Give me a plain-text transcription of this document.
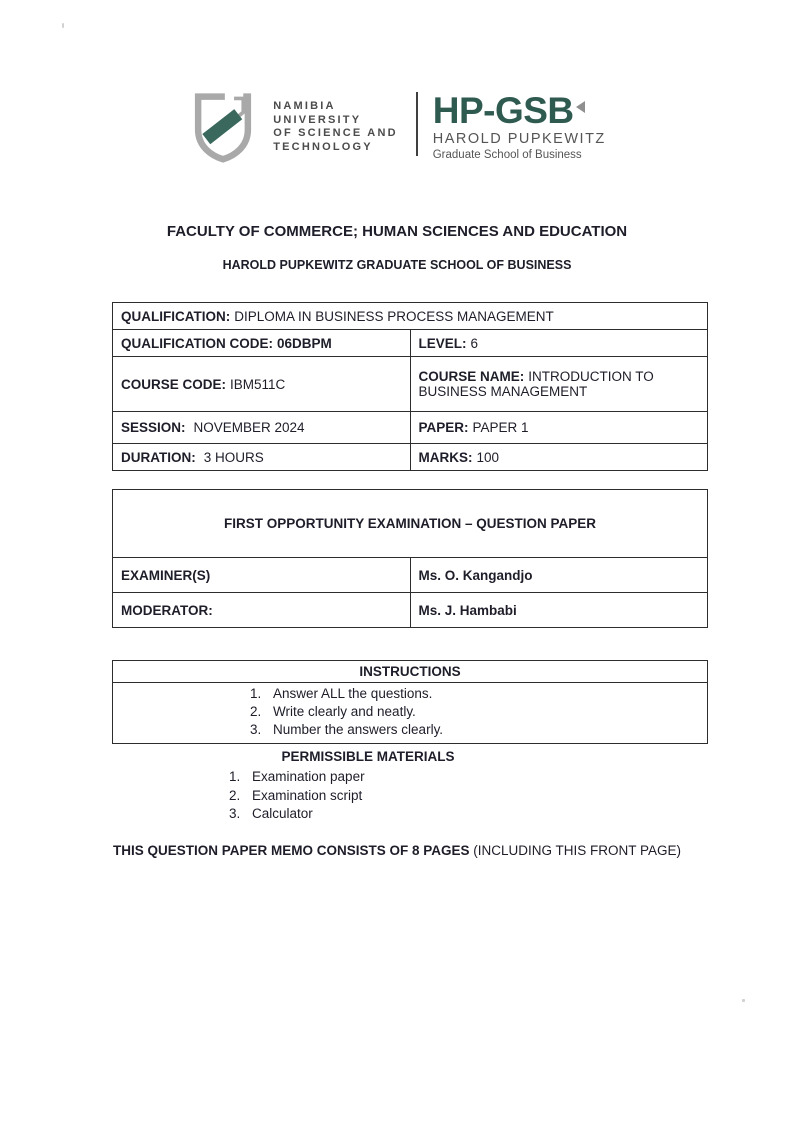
NAMIBIA
UNIVERSITY
OF SCIENCE AND
TECHNOLOGY
HP-GSB
HAROLD PUPKEWITZ
Graduate School of Business
FACULTY OF COMMERCE; HUMAN SCIENCES AND EDUCATION
HAROLD PUPKEWITZ GRADUATE SCHOOL OF BUSINESS
QUALIFICATION: DIPLOMA IN BUSINESS PROCESS MANAGEMENT	
QUALIFICATION CODE: 06DBPM	LEVEL: 6
COURSE CODE: IBM511C	COURSE NAME: INTRODUCTION TO BUSINESS MANAGEMENT
SESSION: NOVEMBER 2024	PAPER: PAPER 1
DURATION: 3 HOURS	MARKS: 100
FIRST OPPORTUNITY EXAMINATION – QUESTION PAPER	
EXAMINER(S)	Ms. O. Kangandjo
MODERATOR:	Ms. J. Hambabi
INSTRUCTIONS

1. Answer ALL the questions.
2. Write clearly and neatly.
3. Number the answers clearly.

PERMISSIBLE MATERIALS

1. Examination paper
2. Examination script
3. Calculator

THIS QUESTION PAPER MEMO CONSISTS OF 8 PAGES (INCLUDING THIS FRONT PAGE)
